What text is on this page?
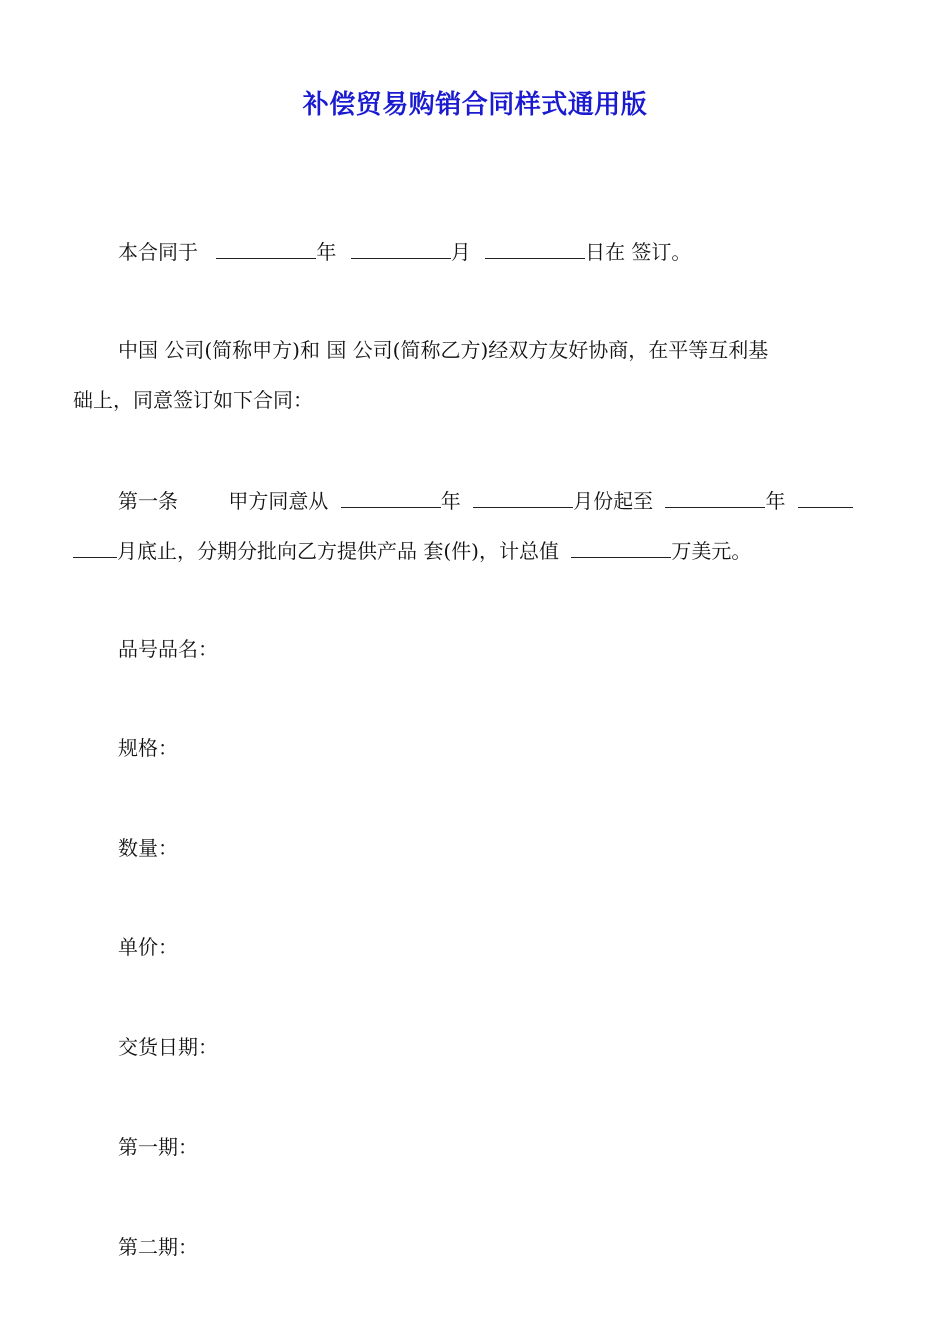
补偿贸易购销合同样式通用版
本合同于	年	月	日在 签订。
中国 公司(简称甲方)和 国 公司(简称乙方)经双方友好协商，在平等互利基
础上，同意签订如下合同：
第一条	甲方同意从	年	月份起至	年
月底止，分期分批向乙方提供产品 套(件)，计总值	万美元。
品号品名：
规格：
数量：
单价：
交货日期：
第一期：
第二期：
